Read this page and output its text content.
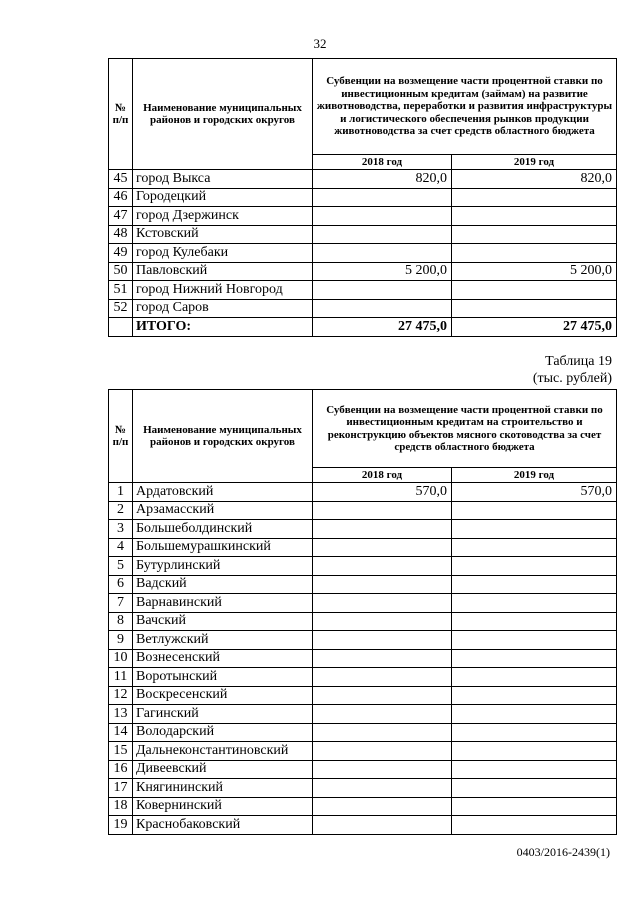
32
№ п/п	Наименование муниципальных районов и городских округов	Субвенции на возмещение части процентной ставки по инвестиционным кредитам (займам) на развитие животноводства, переработки и развития инфраструктуры и логистического обеспечения рынков продукции животноводства за счет средств областного бюджета	
		2018 год	2019 год
45	город Выкса	820,0	820,0
46	Городецкий		
47	город Дзержинск		
48	Кстовский		
49	город Кулебаки		
50	Павловский	5 200,0	5 200,0
51	город Нижний Новгород		
52	город Саров		
	ИТОГО:	27 475,0	27 475,0
Таблица 19
(тыс. рублей)
№ п/п	Наименование муниципальных районов и городских округов	Субвенции на возмещение части процентной ставки по инвестиционным кредитам на строительство и реконструкцию объектов мясного скотоводства за счет средств областного бюджета	
		2018 год	2019 год
1	Ардатовский	570,0	570,0
2	Арзамасский		
3	Большеболдинский		
4	Большемурашкинский		
5	Бутурлинский		
6	Вадский		
7	Варнавинский		
8	Вачский		
9	Ветлужский		
10	Вознесенский		
11	Воротынский		
12	Воскресенский		
13	Гагинский		
14	Володарский		
15	Дальнеконстантиновский		
16	Дивеевский		
17	Княгининский		
18	Ковернинский		
19	Краснобаковский		
0403/2016-2439(1)
